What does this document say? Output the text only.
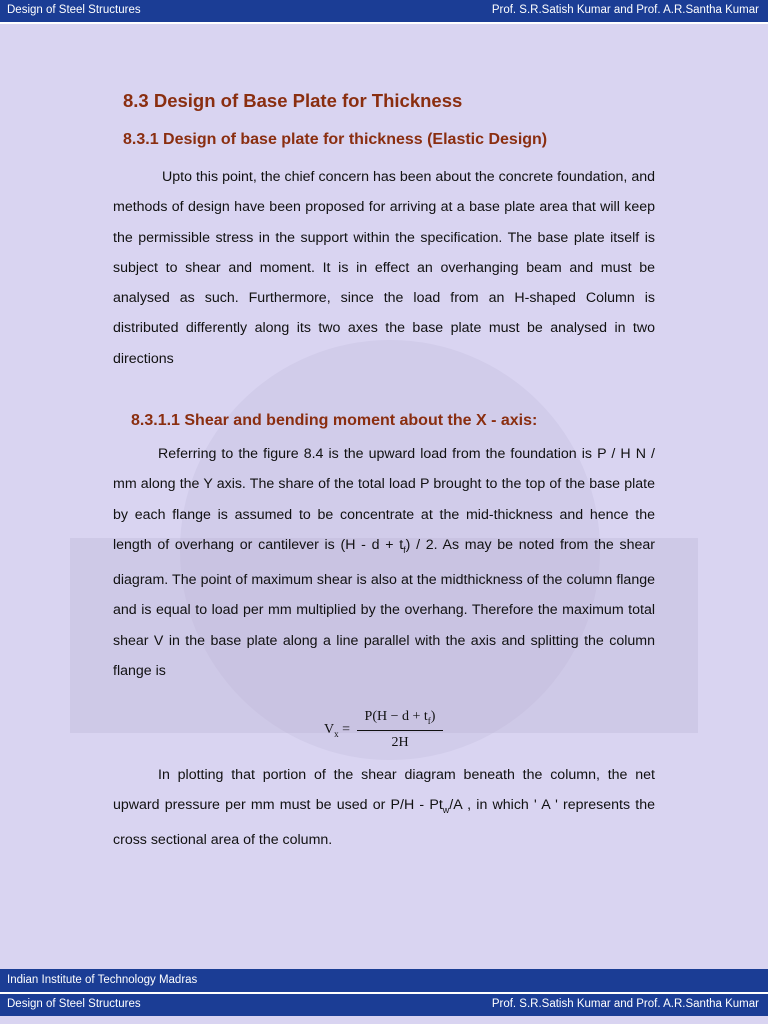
Design of Steel Structures	Prof. S.R.Satish Kumar and Prof. A.R.Santha Kumar
8.3 Design of Base Plate for Thickness
8.3.1 Design of base plate for thickness (Elastic Design)

Upto this point, the chief concern has been about the concrete foundation, and methods of design have been proposed for arriving at a base plate area that will keep the permissible stress in the support within the specification. The base plate itself is subject to shear and moment. It is in effect an overhanging beam and must be analysed as such. Furthermore, since the load from an H-shaped Column is distributed differently along its two axes the base plate must be analysed in two directions

8.3.1.1 Shear and bending moment about the X - axis:

Referring to the figure 8.4 is the upward load from the foundation is P / H N / mm along the Y axis. The share of the total load P brought to the top of the base plate by each flange is assumed to be concentrate at the mid-thickness and hence the length of overhang or cantilever is $(H - d + t_f) / 2$. As may be noted from the shear diagram. The point of maximum shear is also at the midthickness of the column flange and is equal to load per mm multiplied by the overhang. Therefore the maximum total shear V in the base plate along a line parallel with the axis and splitting the column flange is

$V_x$ =
$P(H - d + t_f)$
2H

In plotting that portion of the shear diagram beneath the column, the net upward pressure per mm must be used or $P/H - Pt_w/A$ , in which ' A ' represents the cross sectional area of the column.

Indian Institute of Technology Madras
Design of Steel Structures	Prof. S.R.Satish Kumar and Prof. A.R.Santha Kumar
